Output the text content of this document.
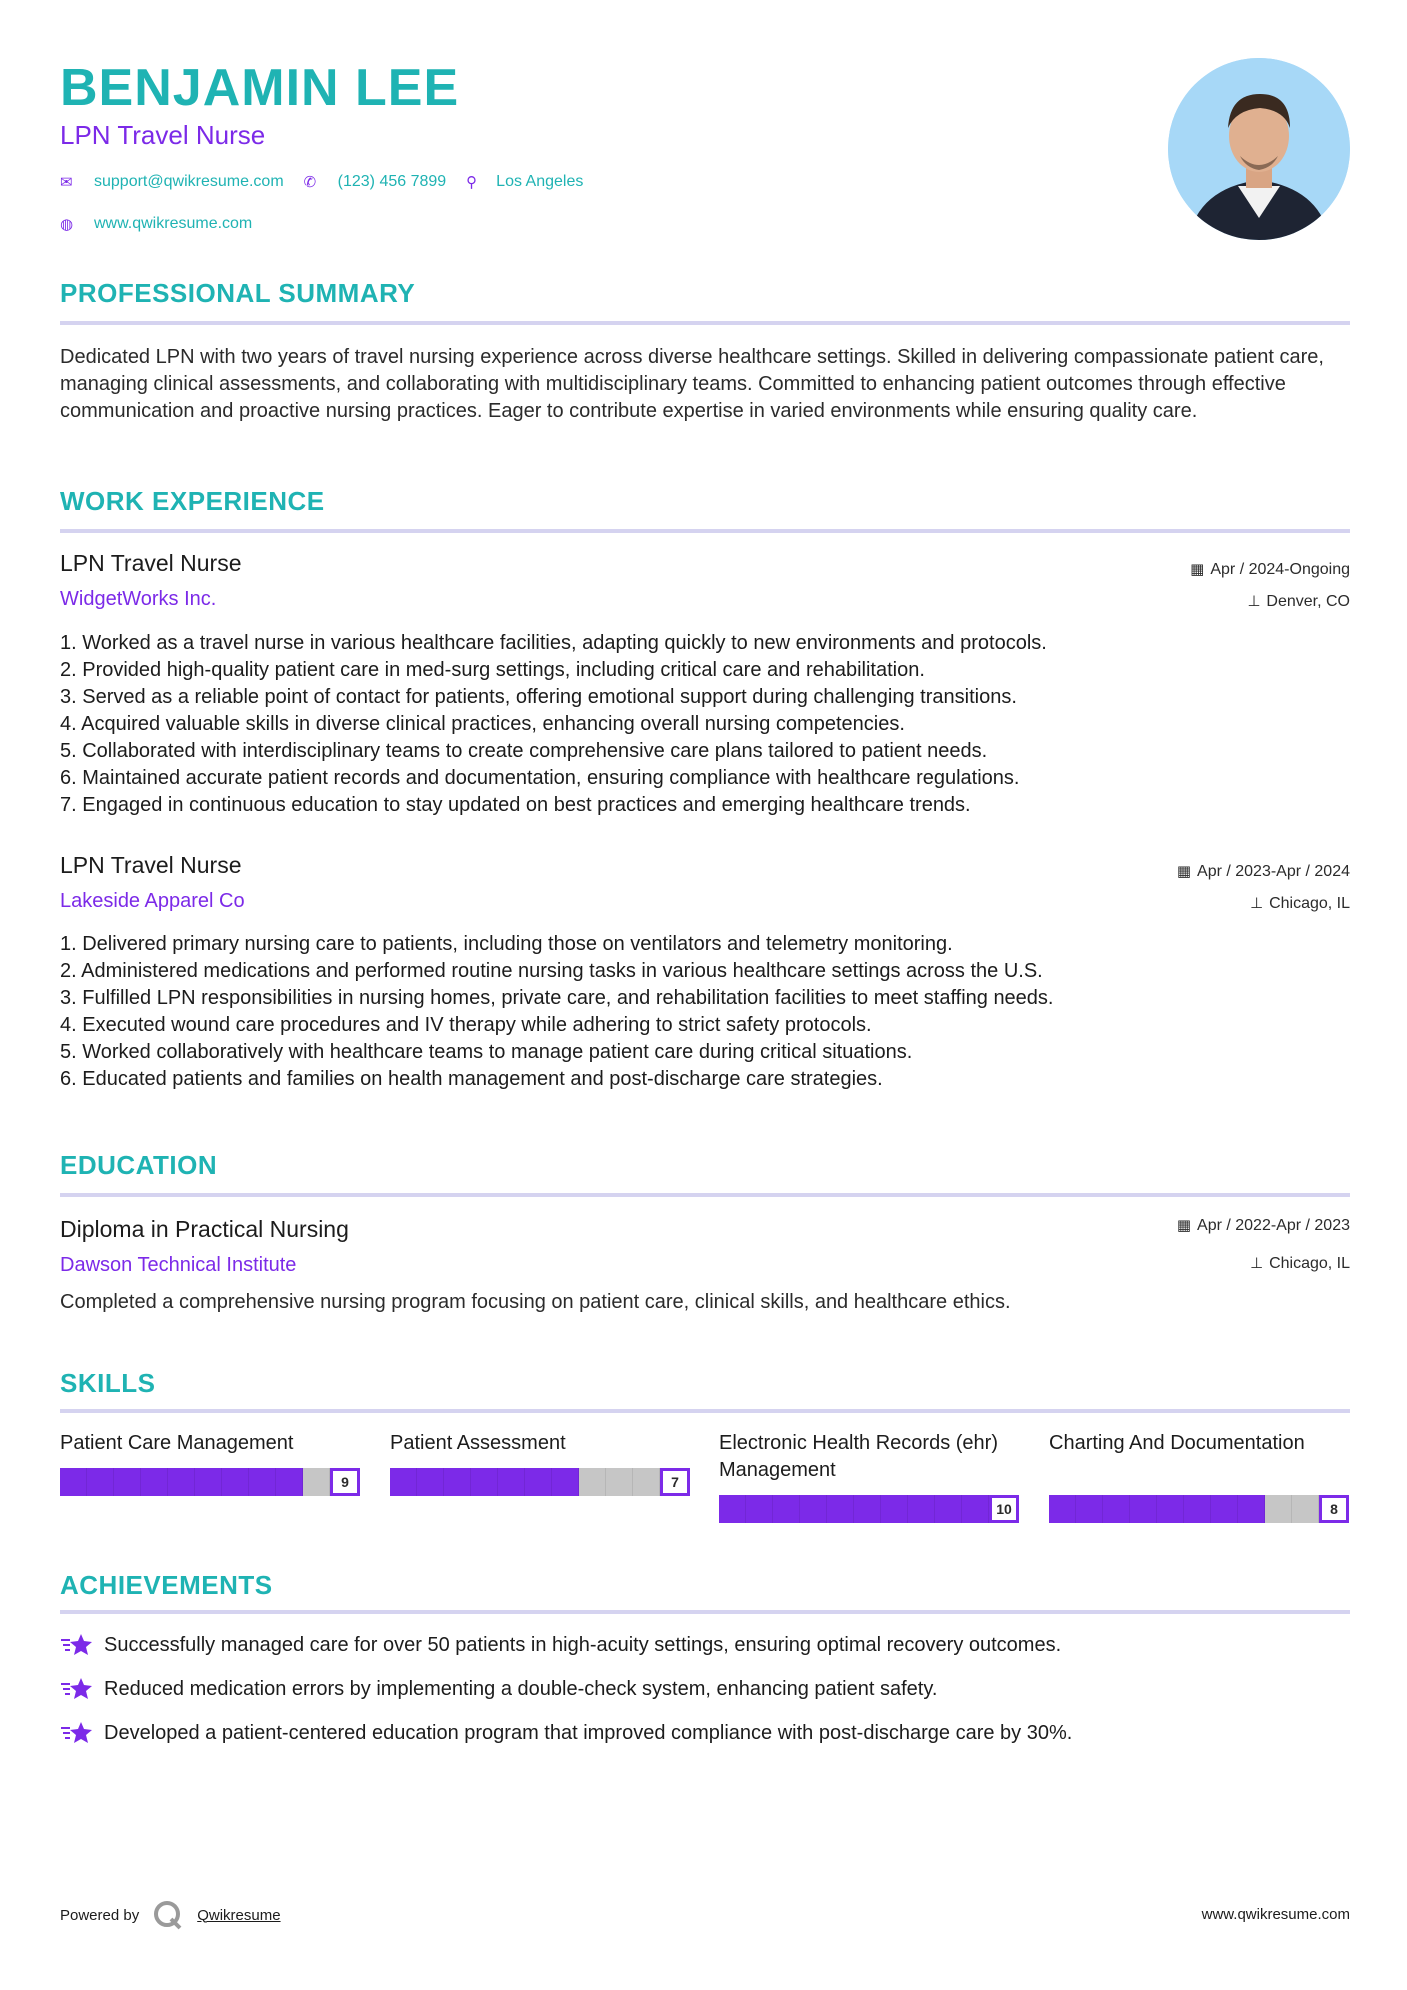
BENJAMIN LEE
LPN Travel Nurse
✉	support@qwikresume.com ✆	(123) 456 7899 ⚲	Los Angeles
◍	www.qwikresume.com
PROFESSIONAL SUMMARY
Dedicated LPN with two years of travel nursing experience across diverse healthcare settings. Skilled in delivering compassionate patient care, managing clinical assessments, and collaborating with multidisciplinary teams. Committed to enhancing patient outcomes through effective communication and proactive nursing practices. Eager to contribute expertise in varied environments while ensuring quality care.
WORK EXPERIENCE
LPN Travel Nurse
WidgetWorks Inc.
▦ Apr / 2024-Ongoing
⊥ Denver, CO
1. Worked as a travel nurse in various healthcare facilities, adapting quickly to new environments and protocols.
2. Provided high-quality patient care in med-surg settings, including critical care and rehabilitation.
3. Served as a reliable point of contact for patients, offering emotional support during challenging transitions.
4. Acquired valuable skills in diverse clinical practices, enhancing overall nursing competencies.
5. Collaborated with interdisciplinary teams to create comprehensive care plans tailored to patient needs.
6. Maintained accurate patient records and documentation, ensuring compliance with healthcare regulations.
7. Engaged in continuous education to stay updated on best practices and emerging healthcare trends.
LPN Travel Nurse
Lakeside Apparel Co
▦ Apr / 2023-Apr / 2024
⊥ Chicago, IL
1. Delivered primary nursing care to patients, including those on ventilators and telemetry monitoring.
2. Administered medications and performed routine nursing tasks in various healthcare settings across the U.S.
3. Fulfilled LPN responsibilities in nursing homes, private care, and rehabilitation facilities to meet staffing needs.
4. Executed wound care procedures and IV therapy while adhering to strict safety protocols.
5. Worked collaboratively with healthcare teams to manage patient care during critical situations.
6. Educated patients and families on health management and post-discharge care strategies.
EDUCATION
Diploma in Practical Nursing
Dawson Technical Institute
▦ Apr / 2022-Apr / 2023
⊥ Chicago, IL
Completed a comprehensive nursing program focusing on patient care, clinical skills, and healthcare ethics.
SKILLS
Patient Care Management
9
Patient Assessment
7
Electronic Health Records (ehr) Management
10
Charting And Documentation
8
ACHIEVEMENTS
Successfully managed care for over 50 patients in high-acuity settings, ensuring optimal recovery outcomes.
Reduced medication errors by implementing a double-check system, enhancing patient safety.
Developed a patient-centered education program that improved compliance with post-discharge care by 30%.
Powered by	Qwikresume	www.qwikresume.com
